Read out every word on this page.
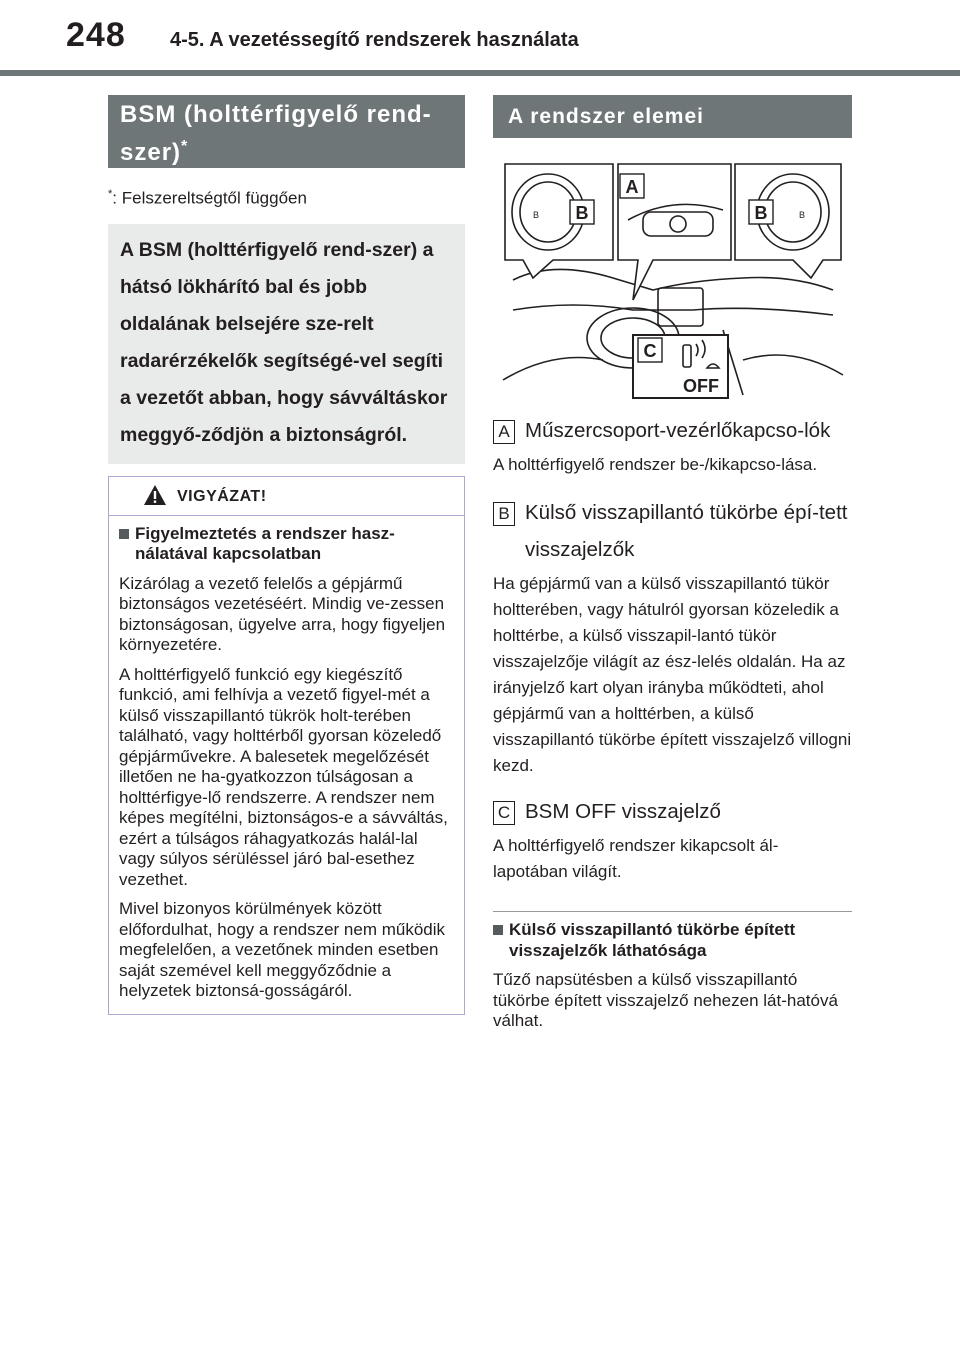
248 4-5. A vezetéssegítő rendszerek használata
BSM (holttérfigyelő rend-szer)*
*: Felszereltségtől függően
A BSM (holttérfigyelő rend-szer) a hátsó lökhárító bal és jobb oldalának belsejére sze-relt radarérzékelők segítségé-vel segíti a vezetőt abban, hogy sávváltáskor meggyő-ződjön a biztonságról.
VIGYÁZAT!
Figyelmeztetés a rendszer hasz-nálatával kapcsolatban

Kizárólag a vezető felelős a gépjármű biztonságos vezetéséért. Mindig ve-zessen biztonságosan, ügyelve arra, hogy figyeljen környezetére.

A holttérfigyelő funkció egy kiegészítő funkció, ami felhívja a vezető figyel-mét a külső visszapillantó tükrök holt-terében található, vagy holttérből gyorsan közeledő gépjárművekre. A balesetek megelőzését illetően ne ha-gyatkozzon túlságosan a holttérfigye-lő rendszerre. A rendszer nem képes megítélni, biztonságos-e a sávváltás, ezért a túlságos ráhagyatkozás halál-lal vagy súlyos sérüléssel járó bal-esethez vezethet.

Mivel bizonyos körülmények között előfordulhat, hogy a rendszer nem működik megfelelően, a vezetőnek minden esetben saját szemével kell meggyőződnie a helyzetek biztonsá-gosságáról.

A rendszer elemei
B	B
OFF
B	B
A
C
A Műszercsoport-vezérlőkapcso-lók
A holttérfigyelő rendszer be-/kikapcso-lása.
B Külső visszapillantó tükörbe épí-tett visszajelzők
Ha gépjármű van a külső visszapillantó tükör holtterében, vagy hátulról gyorsan közeledik a holttérbe, a külső visszapil-lantó tükör visszajelzője világít az ész-lelés oldalán. Ha az irányjelző kart olyan irányba működteti, ahol gépjármű van a holttérben, a külső visszapillantó tükörbe épített visszajelző villogni kezd.
C BSM OFF visszajelző
A holttérfigyelő rendszer kikapcsolt ál-lapotában világít.
Külső visszapillantó tükörbe épített visszajelzők láthatósága
Tűző napsütésben a külső visszapillantó tükörbe épített visszajelző nehezen lát-hatóvá válhat.
